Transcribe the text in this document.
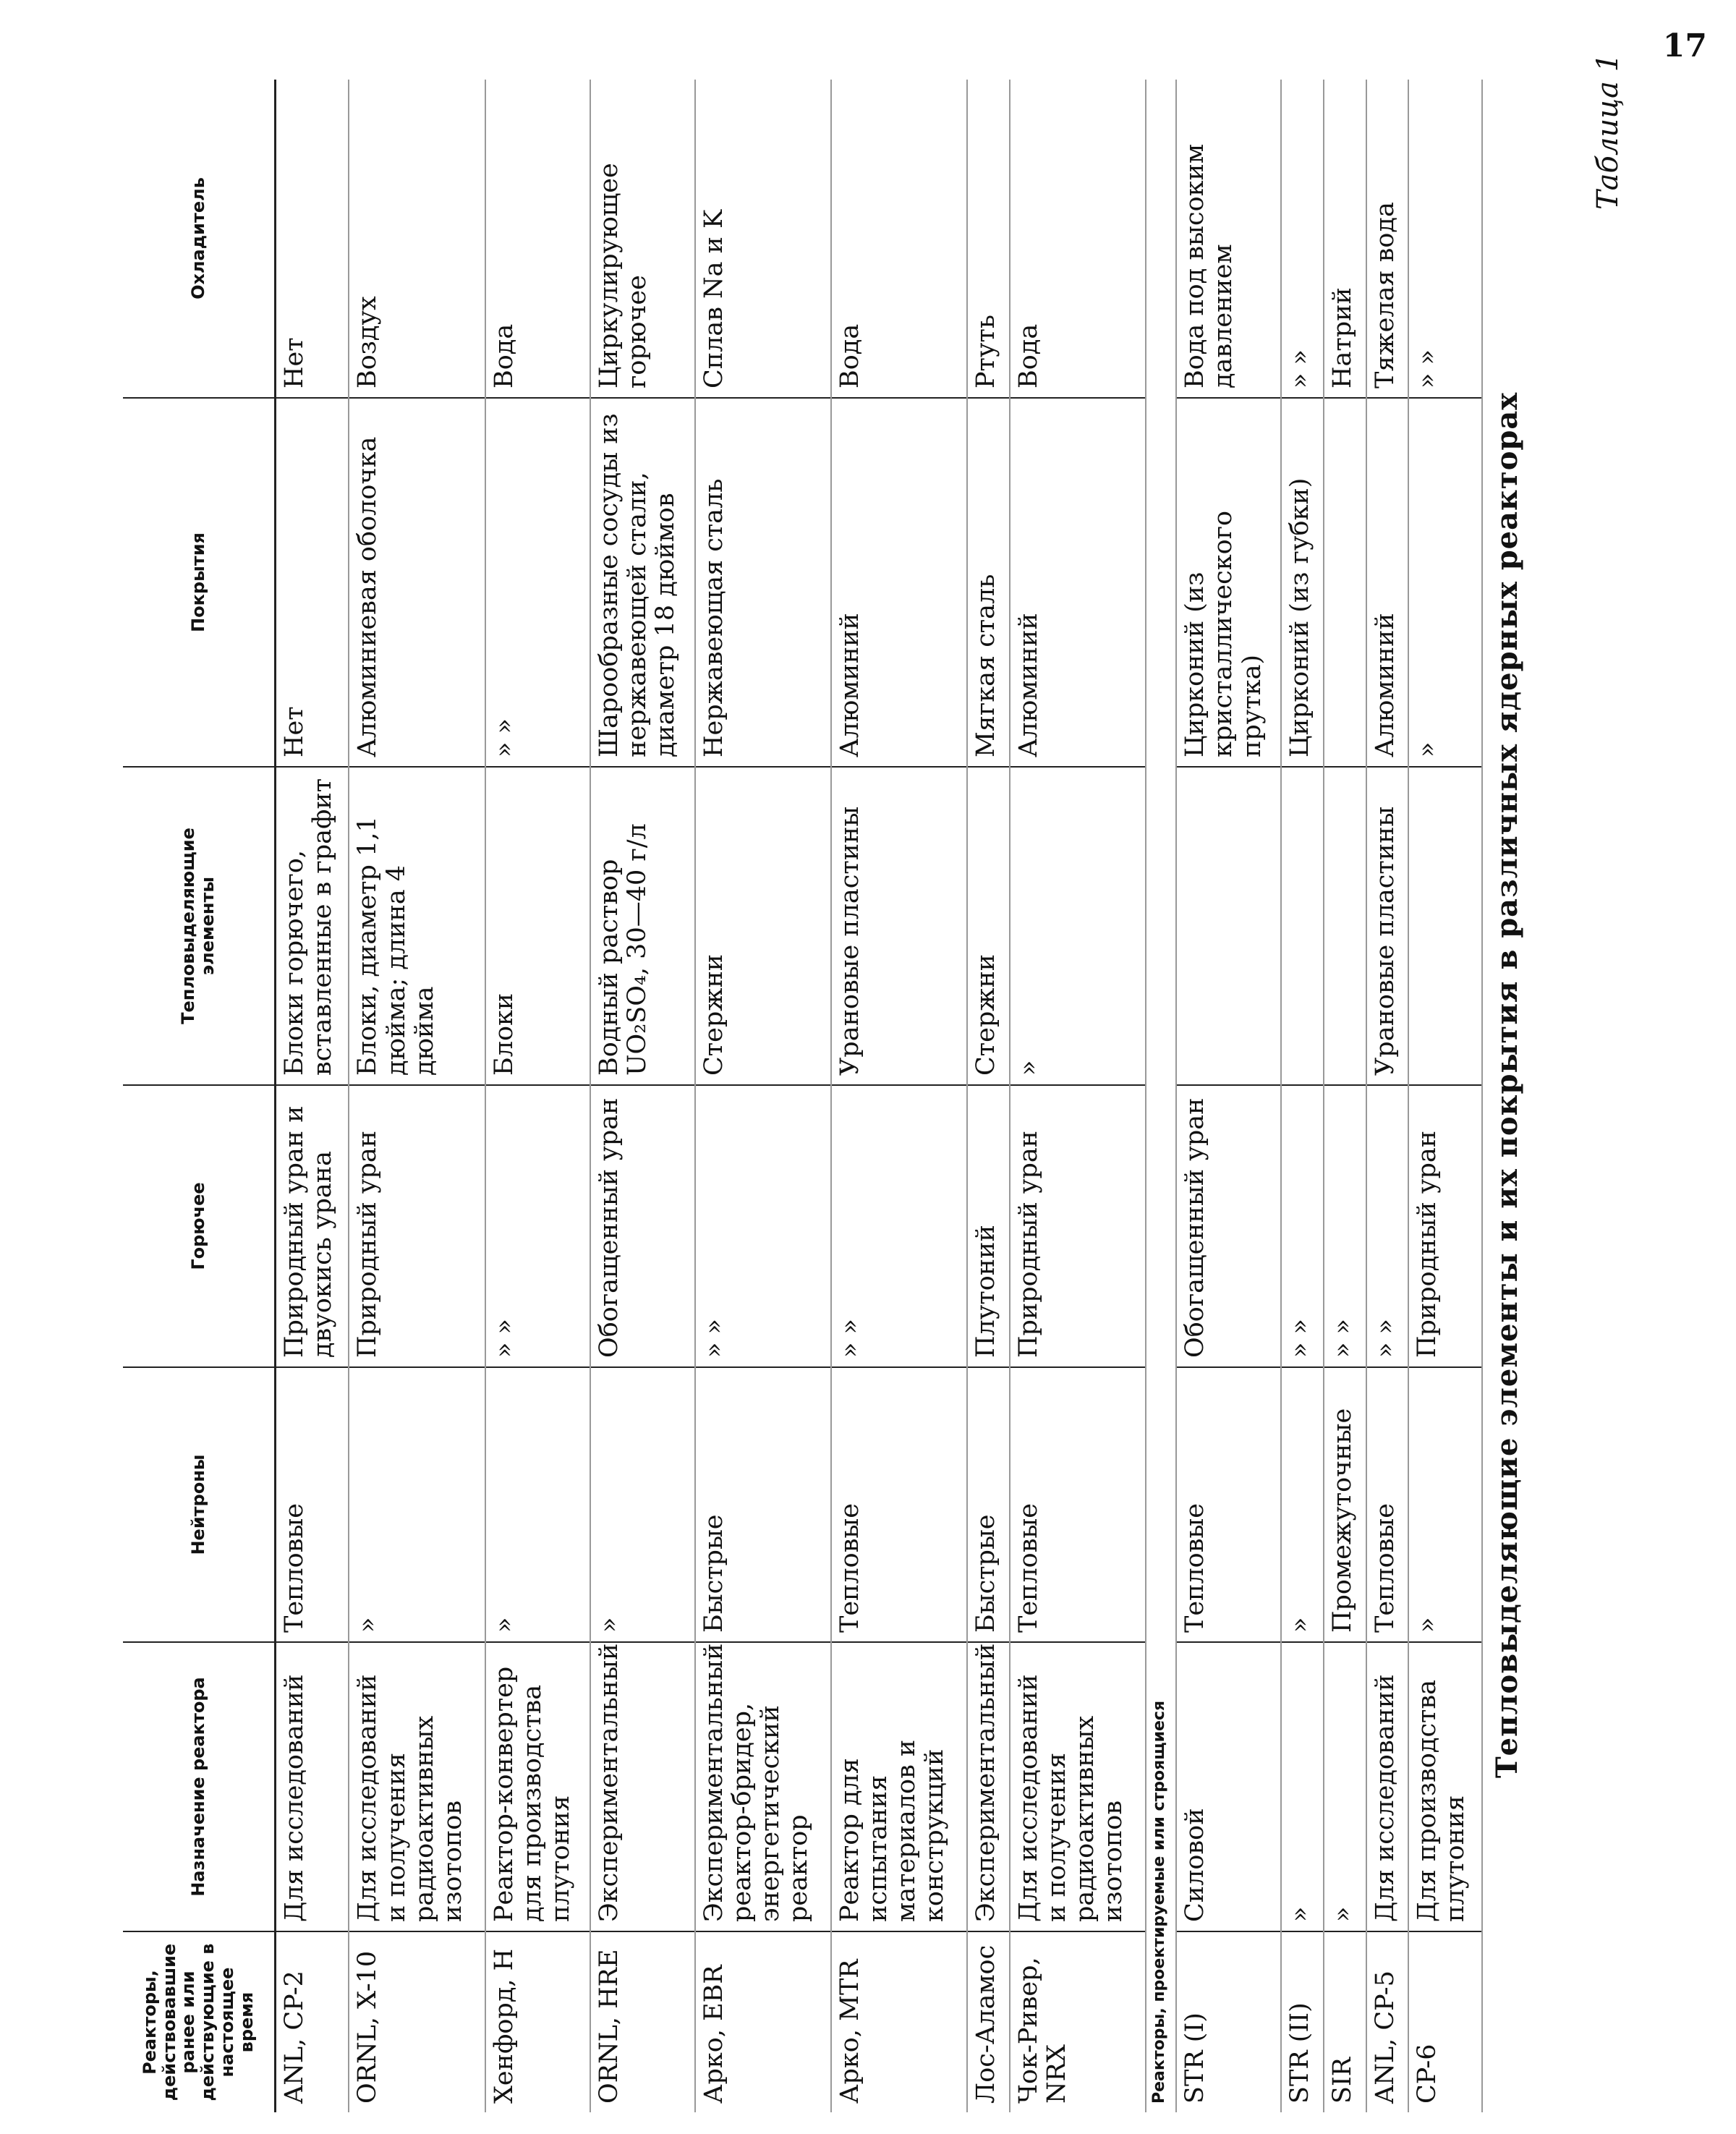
17
Таблица 1
Тепловыделяющие элементы и их покрытия в различных ядерных реакторах
Реакторы, действовавшие ранее или действующие в настоящее время	Назначение реактора	Нейтроны	Горючее	Тепловыделяющие элементы	Покрытия	Охладитель
ANL, CP-2	Для исследований	Тепловые	Природный уран и двуокись урана	Блоки горючего, вставленные в графит	Нет	Нет
ORNL, X-10	Для исследований и получения радиоактивных изотопов	»	Природный уран	Блоки, диаметр 1,1 дюйма; длина 4 дюйма	Алюминиевая оболочка	Воздух
Хенфорд, H	Реактор-конвертер для производства плутония	»	» »	Блоки	» »	Вода
ORNL, HRE	Экспериментальный	»	Обогащенный уран	Водный раствор UO₂SO₄, 30—40 г/л	Шарообразные сосуды из нержавеющей стали, диаметр 18 дюймов	Циркулирующее горючее
Арко, EBR	Экспериментальный реактор-бридер, энергетический реактор	Быстрые	» »	Стержни	Нержавеющая сталь	Сплав Na и K
Арко, MTR	Реактор для испытания материалов и конструкций	Тепловые	» »	Урановые пластины	Алюминий	Вода
Лос-Аламос	Экспериментальный	Быстрые	Плутоний	Стержни	Мягкая сталь	Ртуть
Чок-Ривер, NRX	Для исследований и получения радиоактивных изотопов	Тепловые	Природный уран	»	Алюминий	Вода
Реакторы, проектируемые или строящиеся						
STR (I)	Силовой	Тепловые	Обогащенный уран		Цирконий (из кристаллического прутка)	Вода под высоким давлением
STR (II)	»	»	» »		Цирконий (из губки)	» »
SIR	»	Промежуточные	» »			Натрий
ANL, CP-5	Для исследований	Тепловые	» »	Урановые пластины	Алюминий	Тяжелая вода
CP-6	Для производства плутония	»	Природный уран		»	» »
